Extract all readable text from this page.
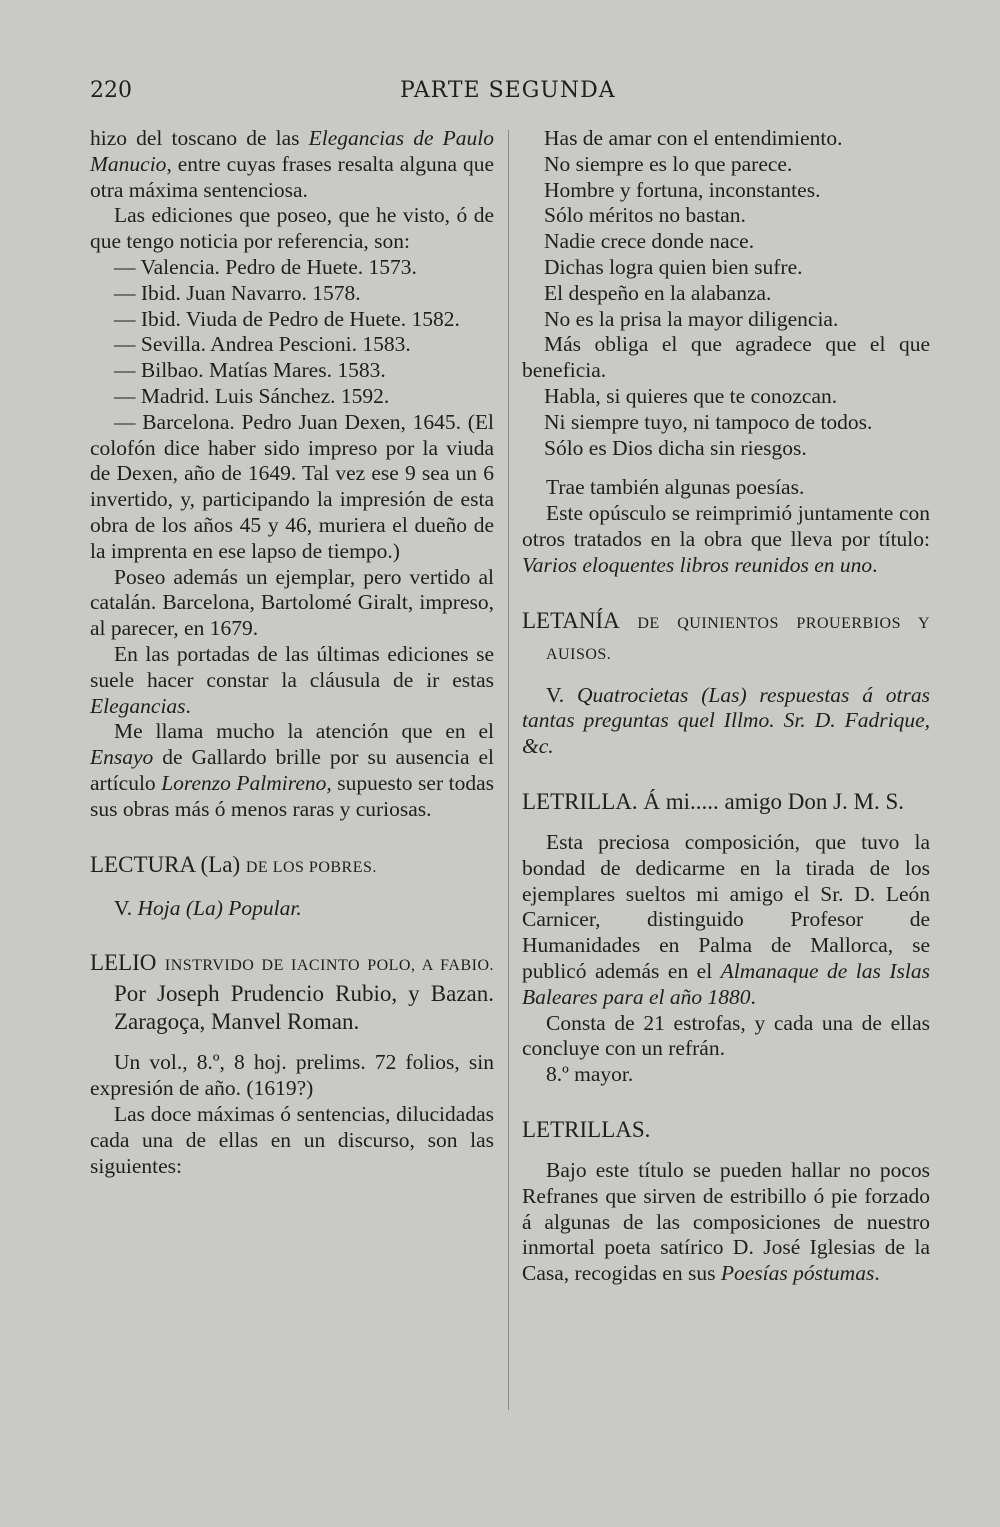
220	PARTE SEGUNDA

hizo del toscano de las Elegancias de Paulo Manucio, entre cuyas frases resalta alguna que otra máxima sentenciosa.

Las ediciones que poseo, que he visto, ó de que tengo noticia por referencia, son:

— Valencia. Pedro de Huete. 1573.

— Ibid. Juan Navarro. 1578.

— Ibid. Viuda de Pedro de Huete. 1582.

— Sevilla. Andrea Pescioni. 1583.

— Bilbao. Matías Mares. 1583.

— Madrid. Luis Sánchez. 1592.

— Barcelona. Pedro Juan Dexen, 1645. (El colofón dice haber sido impreso por la viuda de Dexen, año de 1649. Tal vez ese 9 sea un 6 invertido, y, participando la impresión de esta obra de los años 45 y 46, muriera el dueño de la imprenta en ese lapso de tiempo.)

Poseo además un ejemplar, pero vertido al catalán. Barcelona, Bartolomé Giralt, impreso, al parecer, en 1679.

En las portadas de las últimas ediciones se suele hacer constar la cláusula de ir estas Elegancias.

Me llama mucho la atención que en el Ensayo de Gallardo brille por su ausencia el artículo Lorenzo Palmireno, supuesto ser todas sus obras más ó menos raras y curiosas.

LECTURA (La) DE LOS POBRES.

V. Hoja (La) Popular.

LELIO INSTRVIDO DE IACINTO POLO, A FABIO. Por Joseph Prudencio Rubio, y Bazan. Zaragoça, Manvel Roman.

Un vol., 8.º, 8 hoj. prelims. 72 folios, sin expresión de año. (1619?)

Las doce máximas ó sentencias, dilucidadas cada una de ellas en un discurso, son las siguientes:

Has de amar con el entendimiento.

No siempre es lo que parece.

Hombre y fortuna, inconstantes.

Sólo méritos no bastan.

Nadie crece donde nace.

Dichas logra quien bien sufre.

El despeño en la alabanza.

No es la prisa la mayor diligencia.

Más obliga el que agradece que el que beneficia.

Habla, si quieres que te conozcan.

Ni siempre tuyo, ni tampoco de todos.

Sólo es Dios dicha sin riesgos.

Trae también algunas poesías.

Este opúsculo se reimprimió juntamente con otros tratados en la obra que lleva por título: Varios eloquentes libros reunidos en uno.

LETANÍA DE QUINIENTOS PROUERBIOS Y AUISOS.

V. Quatrocietas (Las) respuestas á otras tantas preguntas quel Illmo. Sr. D. Fadrique, &c.

LETRILLA. Á mi..... amigo Don J. M. S.

Esta preciosa composición, que tuvo la bondad de dedicarme en la tirada de los ejemplares sueltos mi amigo el Sr. D. León Carnicer, distinguido Profesor de Humanidades en Palma de Mallorca, se publicó además en el Almanaque de las Islas Baleares para el año 1880.

Consta de 21 estrofas, y cada una de ellas concluye con un refrán.

8.º mayor.

LETRILLAS.

Bajo este título se pueden hallar no pocos Refranes que sirven de estribillo ó pie forzado á algunas de las composiciones de nuestro inmortal poeta satírico D. José Iglesias de la Casa, recogidas en sus Poesías póstumas.
